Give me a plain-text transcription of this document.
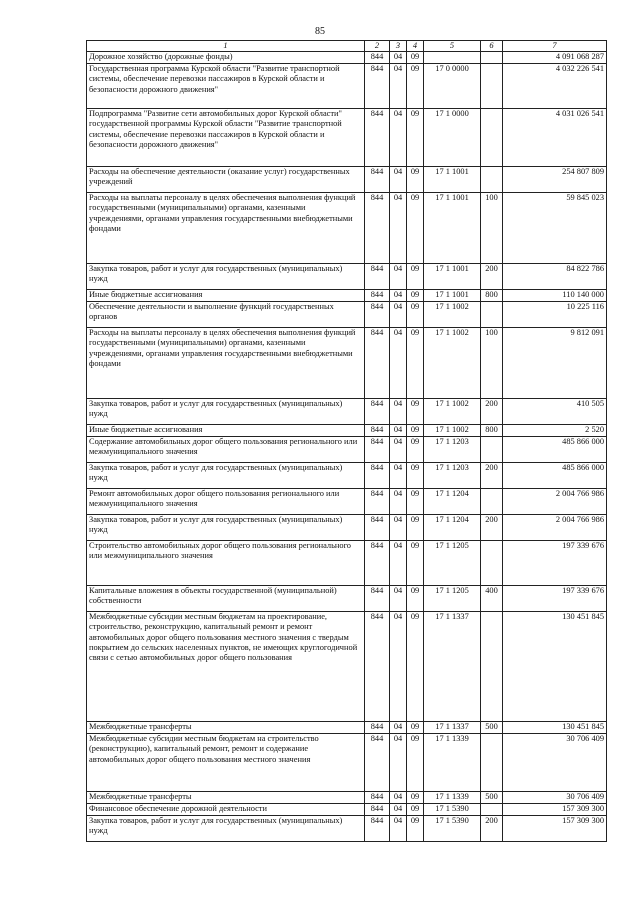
85
1	2	3	4	5	6	7
Дорожное хозяйство (дорожные фонды)	844	04	09			4 091 068 287
Государственная программа Курской области "Развитие транспортной системы, обеспечение перевозки пассажиров в Курской области и безопасности дорожного движения"	844	04	09	17 0 0000		4 032 226 541
Подпрограмма "Развитие сети автомобильных дорог Курской области" государственной программы Курской области "Развитие транспортной системы, обеспечение перевозки пассажиров в Курской области и безопасности дорожного движения"	844	04	09	17 1 0000		4 031 026 541
Расходы на обеспечение деятельности (оказание услуг) государственных учреждений	844	04	09	17 1 1001		254 807 809
Расходы на выплаты персоналу в целях обеспечения выполнения функций государственными (муниципальными) органами, казенными учреждениями, органами управления государственными внебюджетными фондами	844	04	09	17 1 1001	100	59 845 023
Закупка товаров, работ и услуг для государственных (муниципальных) нужд	844	04	09	17 1 1001	200	84 822 786
Иные бюджетные ассигнования	844	04	09	17 1 1001	800	110 140 000
Обеспечение деятельности и выполнение функций государственных органов	844	04	09	17 1 1002		10 225 116
Расходы на выплаты персоналу в целях обеспечения выполнения функций государственными (муниципальными) органами, казенными учреждениями, органами управления государственными внебюджетными фондами	844	04	09	17 1 1002	100	9 812 091
Закупка товаров, работ и услуг для государственных (муниципальных) нужд	844	04	09	17 1 1002	200	410 505
Иные бюджетные ассигнования	844	04	09	17 1 1002	800	2 520
Содержание автомобильных дорог общего пользования регионального или межмуниципального значения	844	04	09	17 1 1203		485 866 000
Закупка товаров, работ и услуг для государственных (муниципальных) нужд	844	04	09	17 1 1203	200	485 866 000
Ремонт автомобильных дорог общего пользования регионального или межмуниципального значения	844	04	09	17 1 1204		2 004 766 986
Закупка товаров, работ и услуг для государственных (муниципальных) нужд	844	04	09	17 1 1204	200	2 004 766 986
Строительство автомобильных дорог общего пользования регионального или межмуниципального значения	844	04	09	17 1 1205		197 339 676
Капитальные вложения в объекты государственной (муниципальной) собственности	844	04	09	17 1 1205	400	197 339 676
Межбюджетные субсидии местным бюджетам на проектирование, строительство, реконструкцию, капитальный ремонт и ремонт автомобильных дорог общего пользования местного значения с твердым покрытием до сельских населенных пунктов, не имеющих круглогодичной связи с сетью автомобильных дорог общего пользования	844	04	09	17 1 1337		130 451 845
Межбюджетные трансферты	844	04	09	17 1 1337	500	130 451 845
Межбюджетные субсидии местным бюджетам на строительство (реконструкцию), капитальный ремонт, ремонт и содержание автомобильных дорог общего пользования местного значения	844	04	09	17 1 1339		30 706 409
Межбюджетные трансферты	844	04	09	17 1 1339	500	30 706 409
Финансовое обеспечение дорожной деятельности	844	04	09	17 1 5390		157 309 300
Закупка товаров, работ и услуг для государственных (муниципальных) нужд	844	04	09	17 1 5390	200	157 309 300
